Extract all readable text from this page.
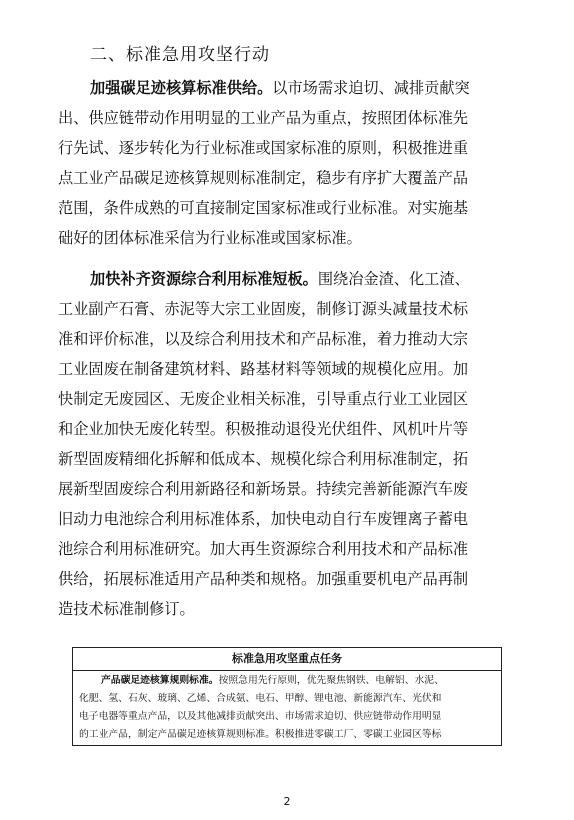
二、标准急用攻坚行动
加强碳足迹核算标准供给。以市场需求迫切、减排贡献突
出、供应链带动作用明显的工业产品为重点，按照团体标准先
行先试、逐步转化为行业标准或国家标准的原则，积极推进重
点工业产品碳足迹核算规则标准制定，稳步有序扩大覆盖产品
范围，条件成熟的可直接制定国家标准或行业标准。对实施基
础好的团体标准采信为行业标准或国家标准。
加快补齐资源综合利用标准短板。围绕冶金渣、化工渣、
工业副产石膏、赤泥等大宗工业固废，制修订源头减量技术标
准和评价标准，以及综合利用技术和产品标准，着力推动大宗
工业固废在制备建筑材料、路基材料等领域的规模化应用。加
快制定无废园区、无废企业相关标准，引导重点行业工业园区
和企业加快无废化转型。积极推动退役光伏组件、风机叶片等
新型固废精细化拆解和低成本、规模化综合利用标准制定，拓
展新型固废综合利用新路径和新场景。持续完善新能源汽车废
旧动力电池综合利用标准体系，加快电动自行车废锂离子蓄电
池综合利用标准研究。加大再生资源综合利用技术和产品标准
供给，拓展标准适用产品种类和规格。加强重要机电产品再制
造技术标准制修订。
标准急用攻坚重点任务
产品碳足迹核算规则标准。按照急用先行原则，优先聚焦钢铁、电解铝、水泥、
化肥、氢、石灰、玻璃、乙烯、合成氨、电石、甲醇、锂电池、新能源汽车、光伏和
电子电器等重点产品，以及其他减排贡献突出、市场需求迫切、供应链带动作用明显
的工业产品，制定产品碳足迹核算规则标准。积极推进零碳工厂、零碳工业园区等标
2
